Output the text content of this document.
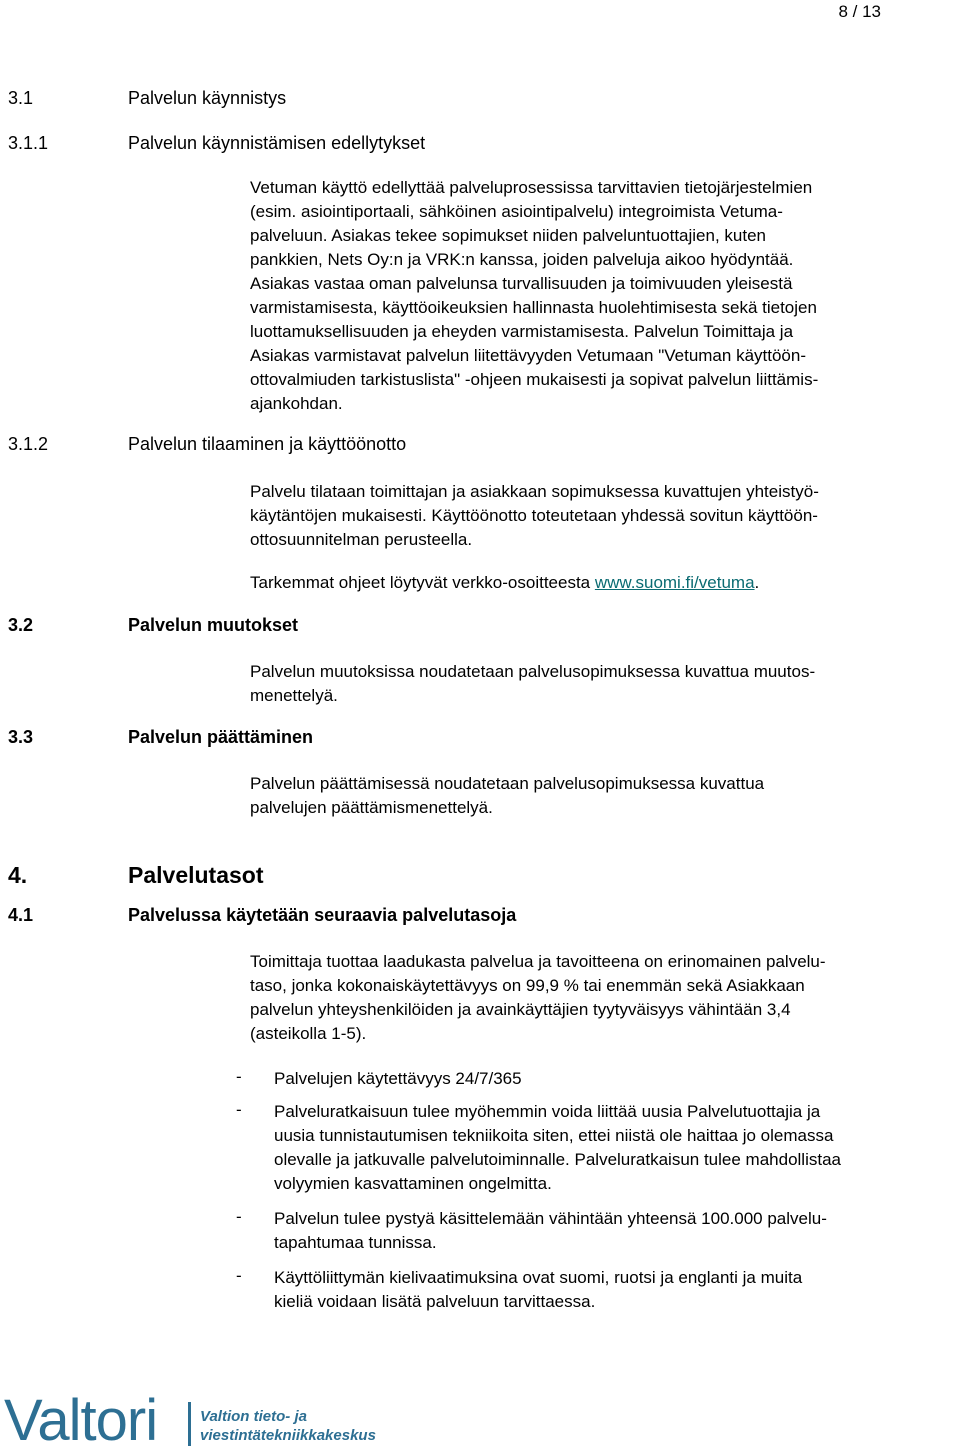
8 / 13
3.1	Palvelun käynnistys
3.1.1	Palvelun käynnistämisen edellytykset
Vetuman käyttö edellyttää palveluprosessissa tarvittavien tietojärjestelmien
(esim. asiointiportaali, sähköinen asiointipalvelu) integroimista Vetuma-
palveluun. Asiakas tekee sopimukset niiden palveluntuottajien, kuten
pankkien, Nets Oy:n ja VRK:n kanssa, joiden palveluja aikoo hyödyntää.
Asiakas vastaa oman palvelunsa turvallisuuden ja toimivuuden yleisestä
varmistamisesta, käyttöoikeuksien hallinnasta huolehtimisesta sekä tietojen
luottamuksellisuuden ja eheyden varmistamisesta. Palvelun Toimittaja ja
Asiakas varmistavat palvelun liitettävyyden Vetumaan "Vetuman käyttöön-
ottovalmiuden tarkistuslista" -ohjeen mukaisesti ja sopivat palvelun liittämis-
ajankohdan.
3.1.2	Palvelun tilaaminen ja käyttöönotto
Palvelu tilataan toimittajan ja asiakkaan sopimuksessa kuvattujen yhteistyö-
käytäntöjen mukaisesti. Käyttöönotto toteutetaan yhdessä sovitun käyttöön-
ottosuunnitelman perusteella.
Tarkemmat ohjeet löytyvät verkko-osoitteesta www.suomi.fi/vetuma.
3.2	Palvelun muutokset
Palvelun muutoksissa noudatetaan palvelusopimuksessa kuvattua muutos-
menettelyä.
3.3	Palvelun päättäminen
Palvelun päättämisessä noudatetaan palvelusopimuksessa kuvattua
palvelujen päättämismenettelyä.
4.	Palvelutasot
4.1	Palvelussa käytetään seuraavia palvelutasoja
Toimittaja tuottaa laadukasta palvelua ja tavoitteena on erinomainen palvelu-
taso, jonka kokonaiskäytettävyys on 99,9 % tai enemmän sekä Asiakkaan
palvelun yhteyshenkilöiden ja avainkäyttäjien tyytyväisyys vähintään 3,4
(asteikolla 1-5).
- Palvelujen käytettävyys 24/7/365
- Palveluratkaisuun tulee myöhemmin voida liittää uusia Palvelutuottajia ja
uusia tunnistautumisen tekniikoita siten, ettei niistä ole haittaa jo olemassa
olevalle ja jatkuvalle palvelutoiminnalle. Palveluratkaisun tulee mahdollistaa
volyymien kasvattaminen ongelmitta.
- Palvelun tulee pystyä käsittelemään vähintään yhteensä 100.000 palvelu-
tapahtumaa tunnissa.
- Käyttöliittymän kielivaatimuksina ovat suomi, ruotsi ja englanti ja muita
kieliä voidaan lisätä palveluun tarvittaessa.
Valtori	Valtion tieto- ja
viestintätekniikkakeskus
